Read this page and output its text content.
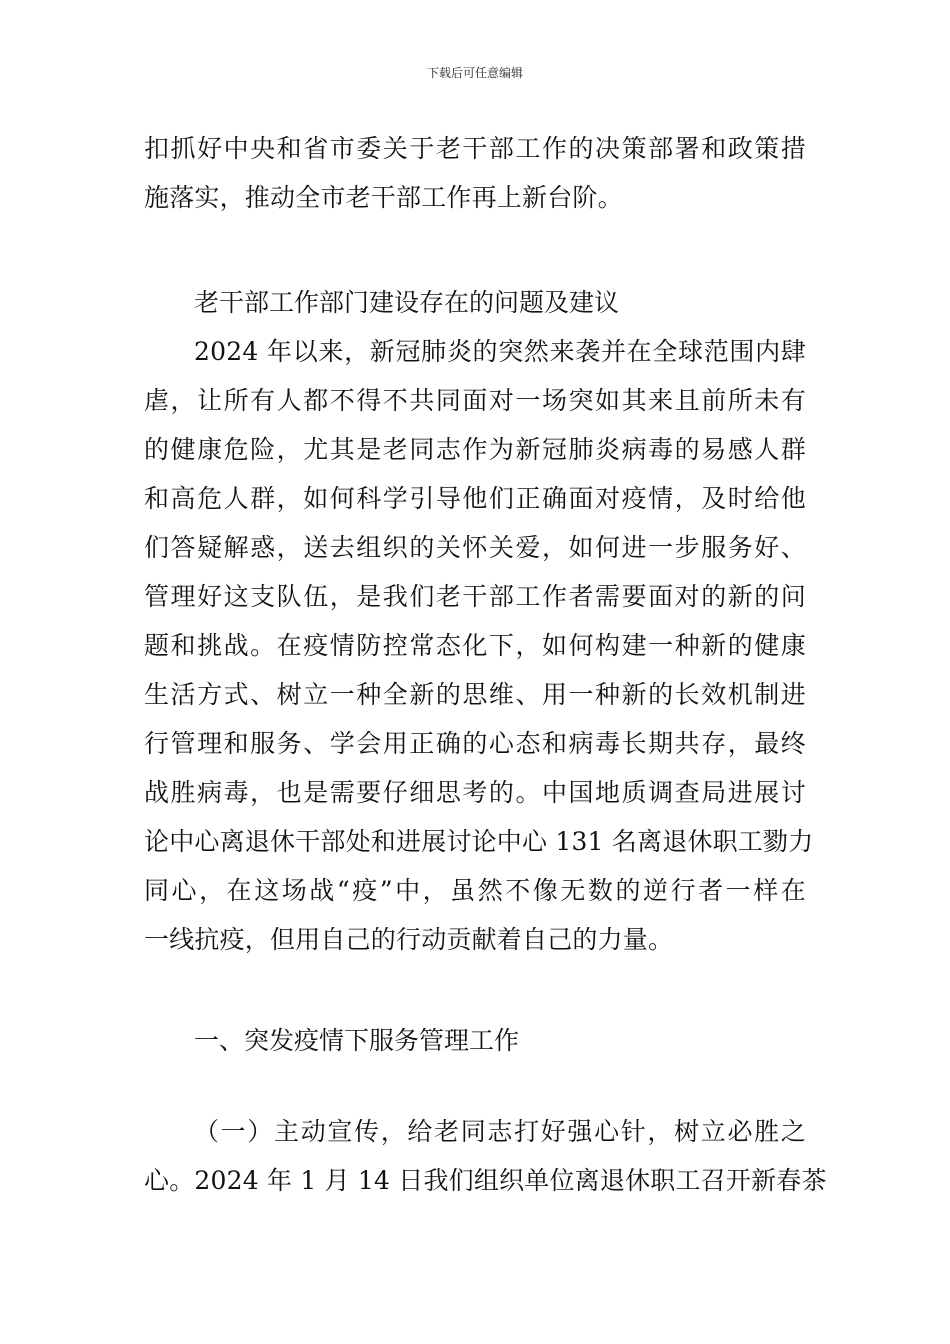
下载后可任意编辑
扣抓好中央和省市委关于老干部工作的决策部署和政策措
施落实，推动全市老干部工作再上新台阶。
老干部工作部门建设存在的问题及建议
2024 年以来，新冠肺炎的突然来袭并在全球范围内肆
虐，让所有人都不得不共同面对一场突如其来且前所未有
的健康危险，尤其是老同志作为新冠肺炎病毒的易感人群
和高危人群，如何科学引导他们正确面对疫情，及时给他
们答疑解惑，送去组织的关怀关爱，如何进一步服务好、
管理好这支队伍，是我们老干部工作者需要面对的新的问
题和挑战。在疫情防控常态化下，如何构建一种新的健康
生活方式、树立一种全新的思维、用一种新的长效机制进
行管理和服务、学会用正确的心态和病毒长期共存，最终
战胜病毒，也是需要仔细思考的。中国地质调查局进展讨
论中心离退休干部处和进展讨论中心 131 名离退休职工勠力
同心，在这场战“疫”中，虽然不像无数的逆行者一样在
一线抗疫，但用自己的行动贡献着自己的力量。
一、突发疫情下服务管理工作
（一）主动宣传，给老同志打好强心针，树立必胜之
心。2024 年 1 月 14 日我们组织单位离退休职工召开新春茶
